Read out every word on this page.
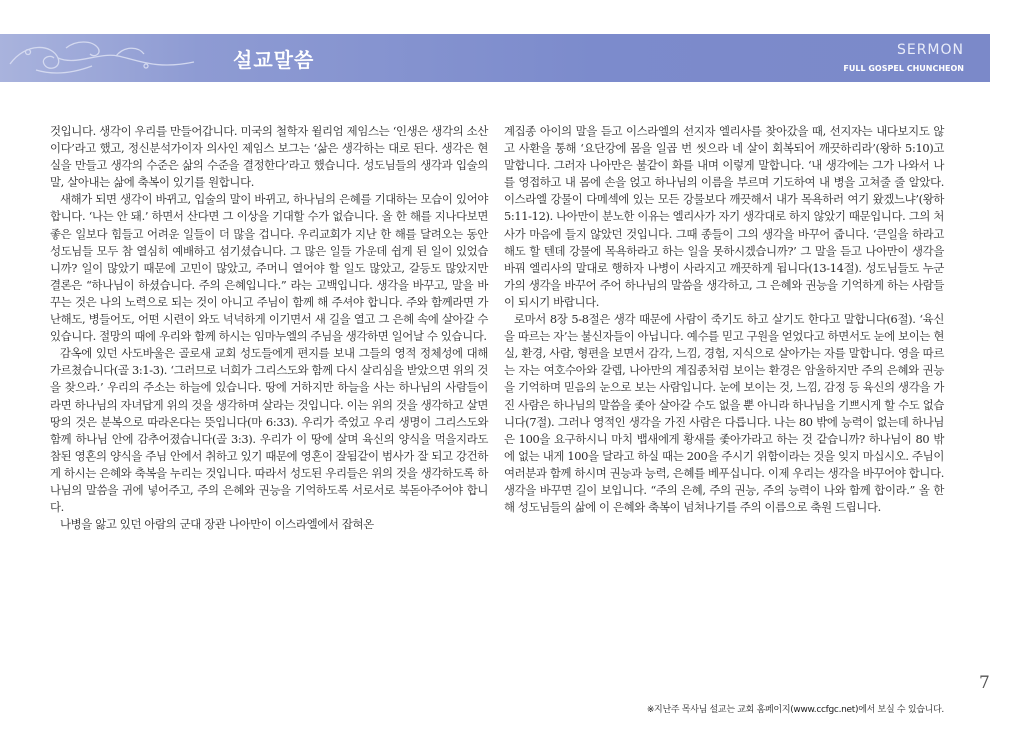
설교말씀	SERMON
FULL GOSPEL CHUNCHEON

것입니다. 생각이 우리를 만들어갑니다. 미국의 철학자 윌리엄 제임스는 ‘인생은 생각의 소산이다’라고 했고, 정신분석가이자 의사인 제임스 보그는 ‘삶은 생각하는 대로 된다. 생각은 현실을 만들고 생각의 수준은 삶의 수준을 결정한다’라고 했습니다. 성도님들의 생각과 입술의 말, 살아내는 삶에 축복이 있기를 원합니다.

새해가 되면 생각이 바뀌고, 입술의 말이 바뀌고, 하나님의 은혜를 기대하는 모습이 있어야 합니다. ‘나는 안 돼.’ 하면서 산다면 그 이상을 기대할 수가 없습니다. 올 한 해를 지나다보면 좋은 일보다 힘들고 어려운 일들이 더 많을 겁니다. 우리교회가 지난 한 해를 달려오는 동안 성도님들 모두 참 열심히 예배하고 섬기셨습니다. 그 많은 일들 가운데 쉽게 된 일이 있었습니까? 일이 많았기 때문에 고민이 많았고, 주머니 열어야 할 일도 많았고, 갈등도 많았지만 결론은 “하나님이 하셨습니다. 주의 은혜입니다.” 라는 고백입니다. 생각을 바꾸고, 말을 바꾸는 것은 나의 노력으로 되는 것이 아니고 주님이 함께 해 주셔야 합니다. 주와 함께라면 가난해도, 병들어도, 어떤 시련이 와도 넉넉하게 이기면서 새 길을 열고 그 은혜 속에 살아갈 수 있습니다. 절망의 때에 우리와 함께 하시는 임마누엘의 주님을 생각하면 일어날 수 있습니다.

감옥에 있던 사도바울은 골로새 교회 성도들에게 편지를 보내 그들의 영적 정체성에 대해 가르쳤습니다(골 3:1-3). ‘그러므로 너희가 그리스도와 함께 다시 살리심을 받았으면 위의 것을 찾으라.’ 우리의 주소는 하늘에 있습니다. 땅에 거하지만 하늘을 사는 하나님의 사람들이라면 하나님의 자녀답게 위의 것을 생각하며 살라는 것입니다. 이는 위의 것을 생각하고 살면 땅의 것은 분복으로 따라온다는 뜻입니다(마 6:33). 우리가 죽었고 우리 생명이 그리스도와 함께 하나님 안에 감추어졌습니다(골 3:3). 우리가 이 땅에 살며 육신의 양식을 먹을지라도 참된 영혼의 양식을 주님 안에서 취하고 있기 때문에 영혼이 잘됨같이 범사가 잘 되고 강건하게 하시는 은혜와 축복을 누리는 것입니다. 따라서 성도된 우리들은 위의 것을 생각하도록 하나님의 말씀을 귀에 넣어주고, 주의 은혜와 권능을 기억하도록 서로서로 북돋아주어야 합니다.

나병을 앓고 있던 아람의 군대 장관 나아만이 이스라엘에서 잡혀온

계집종 아이의 말을 듣고 이스라엘의 선지자 엘리사를 찾아갔을 때, 선지자는 내다보지도 않고 사환을 통해 ‘요단강에 몸을 일곱 번 씻으라 네 살이 회복되어 깨끗하리라’(왕하 5:10)고 말합니다. 그러자 나아만은 불같이 화를 내며 이렇게 말합니다. ‘내 생각에는 그가 나와서 나를 영접하고 내 몸에 손을 얹고 하나님의 이름을 부르며 기도하여 내 병을 고쳐줄 줄 알았다. 이스라엘 강물이 다메섹에 있는 모든 강물보다 깨끗해서 내가 목욕하러 여기 왔겠느냐’(왕하 5:11-12). 나아만이 분노한 이유는 엘리사가 자기 생각대로 하지 않았기 때문입니다. 그의 처사가 마음에 들지 않았던 것입니다. 그때 종들이 그의 생각을 바꾸어 줍니다. ‘큰일을 하라고 해도 할 텐데 강물에 목욕하라고 하는 일을 못하시겠습니까?’ 그 말을 듣고 나아만이 생각을 바꿔 엘리사의 말대로 행하자 나병이 사라지고 깨끗하게 됩니다(13-14절). 성도님들도 누군가의 생각을 바꾸어 주어 하나님의 말씀을 생각하고, 그 은혜와 권능을 기억하게 하는 사람들이 되시기 바랍니다.

로마서 8장 5-8절은 생각 때문에 사람이 죽기도 하고 살기도 한다고 말합니다(6절). ‘육신을 따르는 자’는 불신자들이 아닙니다. 예수를 믿고 구원을 얻었다고 하면서도 눈에 보이는 현실, 환경, 사람, 형편을 보면서 감각, 느낌, 경험, 지식으로 살아가는 자를 말합니다. 영을 따르는 자는 여호수아와 갈렙, 나아만의 계집종처럼 보이는 환경은 암울하지만 주의 은혜와 권능을 기억하며 믿음의 눈으로 보는 사람입니다. 눈에 보이는 것, 느낌, 감정 등 육신의 생각을 가진 사람은 하나님의 말씀을 좇아 살아갈 수도 없을 뿐 아니라 하나님을 기쁘시게 할 수도 없습니다(7절). 그러나 영적인 생각을 가진 사람은 다릅니다. 나는 80 밖에 능력이 없는데 하나님은 100을 요구하시니 마치 뱁새에게 황새를 좇아가라고 하는 것 같습니까? 하나님이 80 밖에 없는 내게 100을 달라고 하실 때는 200을 주시기 위함이라는 것을 잊지 마십시오. 주님이 여러분과 함께 하시며 권능과 능력, 은혜를 베푸십니다. 이제 우리는 생각을 바꾸어야 합니다. 생각을 바꾸면 길이 보입니다. “주의 은혜, 주의 권능, 주의 능력이 나와 함께 합이라.” 올 한 해 성도님들의 삶에 이 은혜와 축복이 넘쳐나기를 주의 이름으로 축원 드립니다.

7
※지난주 목사님 설교는 교회 홈페이지(www.ccfgc.net)에서 보실 수 있습니다.
